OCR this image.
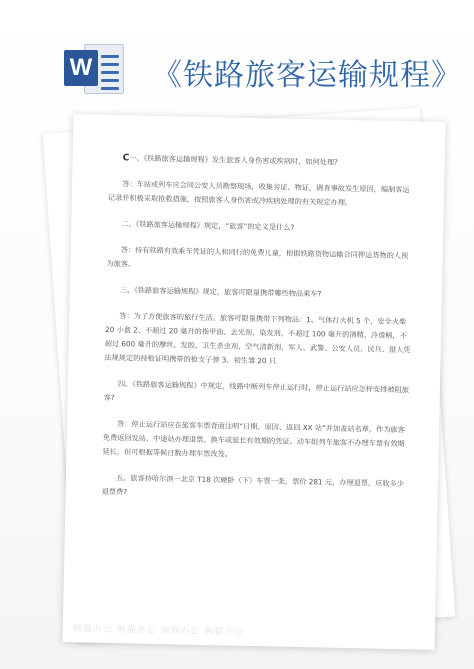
W 《铁路旅客运输规程》

C一、《铁路旅客运输规程》发生旅客人身伤害或疾病时，如何处理?

答：车站或列车应会同公安人员勘察现场，收集旁证、物证，调查事故发生原因，编制客运记录并积极采取抢救措施，按照旅客人身伤害或冷疾病处理的有关规定办理。

二、《铁路旅客运输规程》规定，“旅客”的定义是什么?

答：持有铁路有效乘车凭证的人和同行的免费儿童，根据铁路货物运输合同押运货物的人视为旅客。

三、《铁路旅客运输规程》规定，旅客可限量携带哪些物品乘车?

答：为了方便旅客的旅行生活，旅客可限量携带下列物品：1、气体打火机 5 个，安全火柴 20 小盒 2、不超过 20 毫升的指甲油、去光剂、染发剂，不超过 100 毫升的酒精、冷烫精，不超过 600 毫升的摩丝、发胶、卫生杀虫剂、空气清新剂，军人、武警、公安人员、民兵、猎人凭法规规定的持枪证明携带的枪支子弹 3、初生雏 20 只

四、《铁路旅客运输规程》中规定，线路中断列车停止运行时，停止运行站应怎样安排被阻旅客?

答：停止运行站应在旅客车票背面注明“日期、原因、返回 XX 站”并加盖站名章，作为旅客免费返回发站、中途站办理退票、换车或延长有效期的凭证。动车组列车旅客不办理车票有效期延长，但可根据等候日数办理车票改签。

五、旅客持哈尔滨一北京 T18 次硬卧（下）车票一张，票价 281 元，办理退票，应收多少退票费?

熊猫办公 熊猫办公 熊猫办公 熊猫办公
